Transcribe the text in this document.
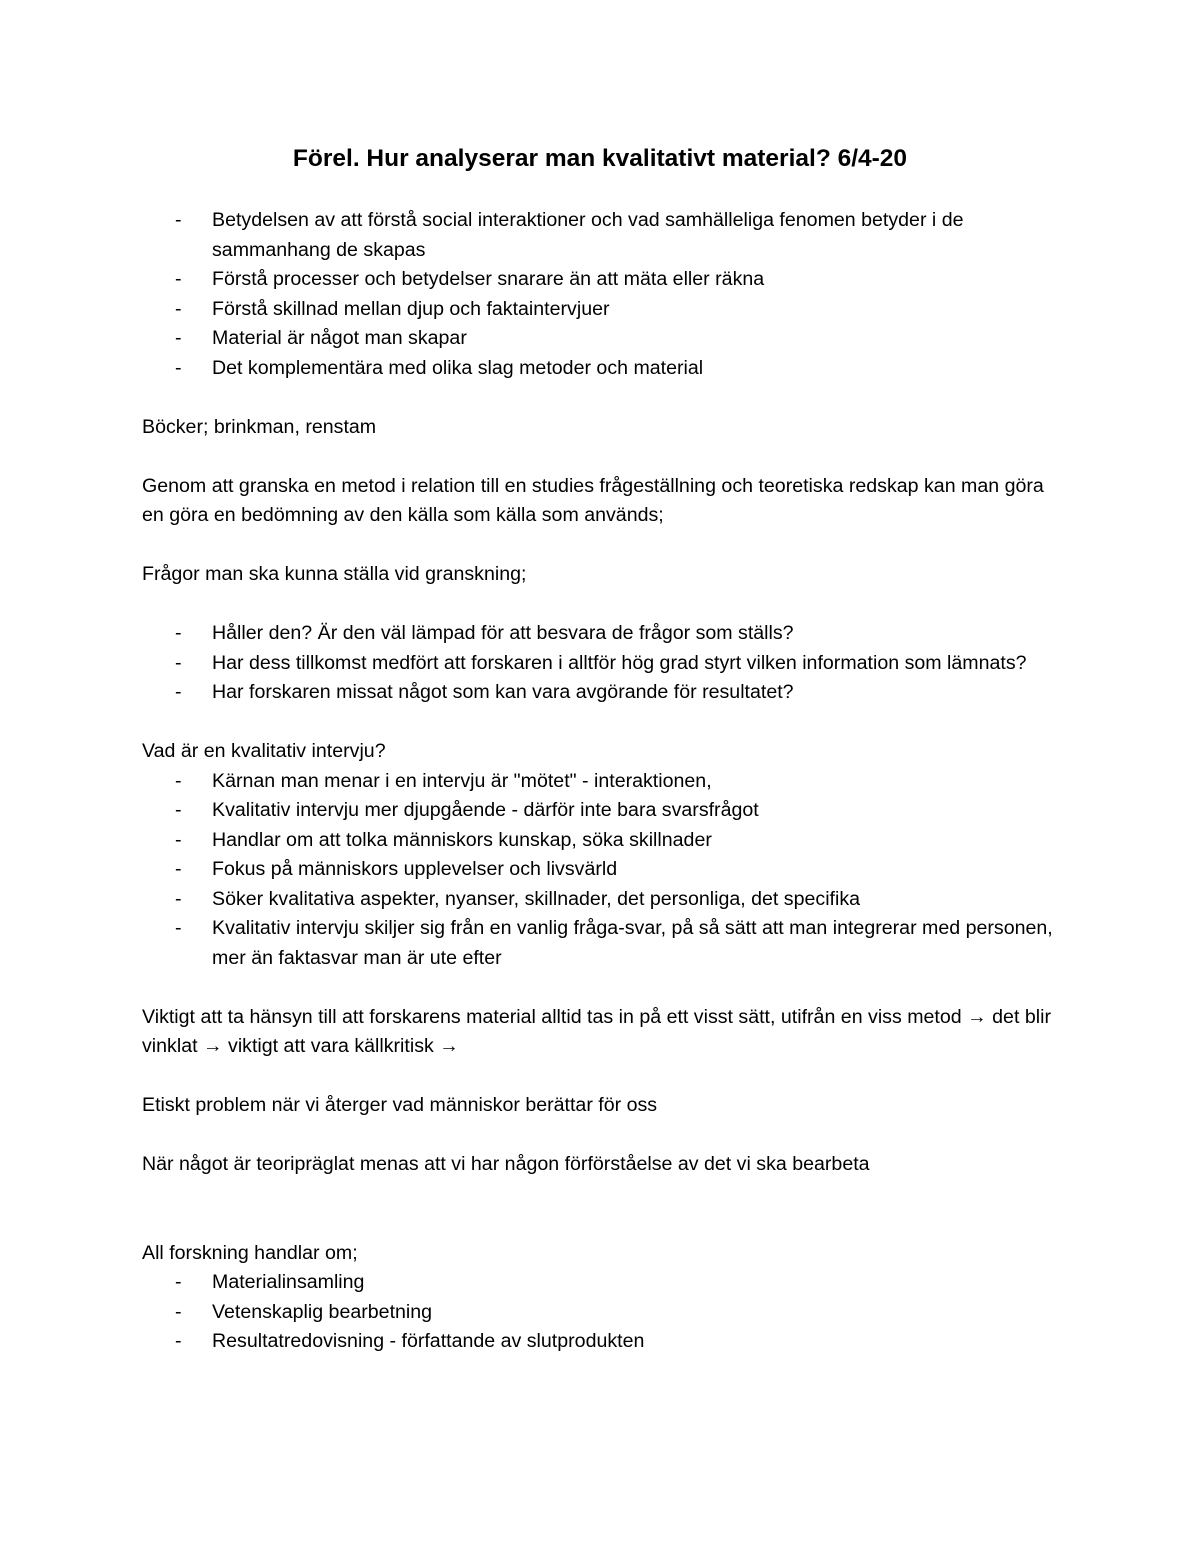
Förel. Hur analyserar man kvalitativt material? 6/4-20
- Betydelsen av att förstå social interaktioner och vad samhälleliga fenomen betyder i de sammanhang de skapas
- Förstå processer och betydelser snarare än att mäta eller räkna
- Förstå skillnad mellan djup och faktaintervjuer
- Material är något man skapar
- Det komplementära med olika slag metoder och material

Böcker; brinkman, renstam

Genom att granska en metod i relation till en studies frågeställning och teoretiska redskap kan man göra en göra en bedömning av den källa som källa som används;

Frågor man ska kunna ställa vid granskning;

- Håller den? Är den väl lämpad för att besvara de frågor som ställs?
- Har dess tillkomst medfört att forskaren i alltför hög grad styrt vilken information som lämnats?
- Har forskaren missat något som kan vara avgörande för resultatet?

Vad är en kvalitativ intervju?

- Kärnan man menar i en intervju är "mötet" - interaktionen,
- Kvalitativ intervju mer djupgående - därför inte bara svarsfrågot
- Handlar om att tolka människors kunskap, söka skillnader
- Fokus på människors upplevelser och livsvärld
- Söker kvalitativa aspekter, nyanser, skillnader, det personliga, det specifika
- Kvalitativ intervju skiljer sig från en vanlig fråga-svar, på så sätt att man integrerar med personen, mer än faktasvar man är ute efter

Viktigt att ta hänsyn till att forskarens material alltid tas in på ett visst sätt, utifrån en viss metod → det blir vinklat → viktigt att vara källkritisk →

Etiskt problem när vi återger vad människor berättar för oss

När något är teoripräglat menas att vi har någon förförståelse av det vi ska bearbeta

All forskning handlar om;

- Materialinsamling
- Vetenskaplig bearbetning
- Resultatredovisning - författande av slutprodukten
